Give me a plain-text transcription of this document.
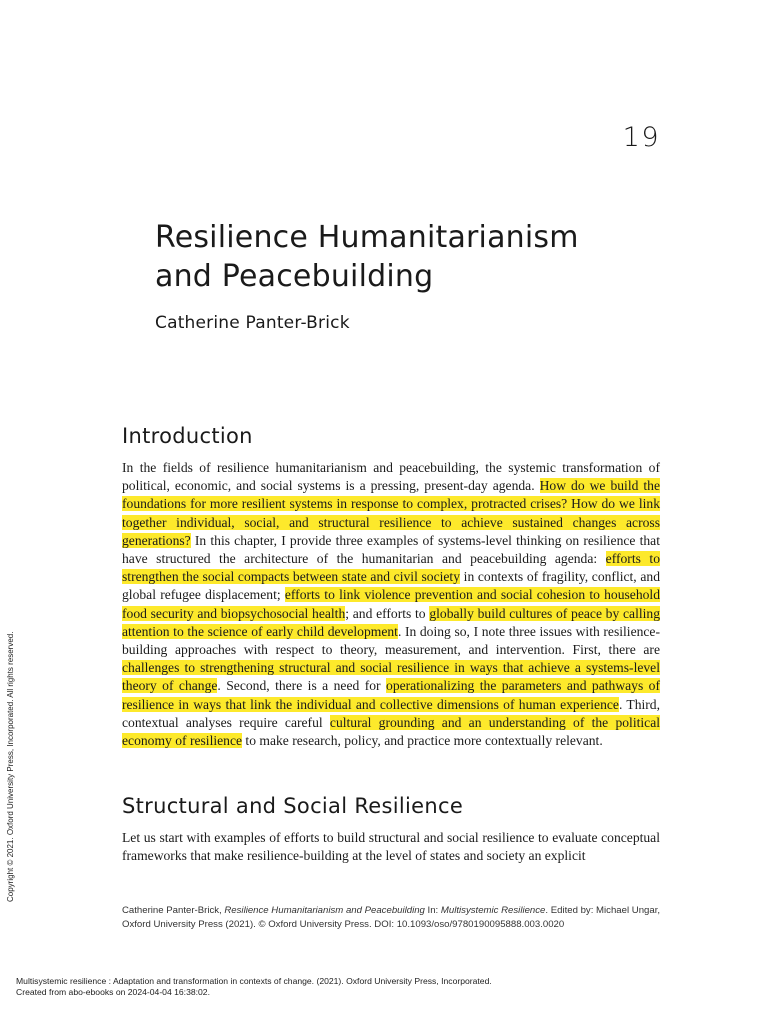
19
Resilience Humanitarianism
and Peacebuilding
Catherine Panter-Brick
Introduction

In the fields of resilience humanitarianism and peacebuilding, the systemic transformation of political, economic, and social systems is a pressing, present-day agenda. How do we build the foundations for more resilient systems in response to complex, protracted crises? How do we link together individual, social, and structural resilience to achieve sustained changes across generations? In this chapter, I provide three examples of systems-level thinking on resilience that have structured the architecture of the humanitarian and peacebuilding agenda: efforts to strengthen the social compacts between state and civil society in contexts of fragility, conflict, and global refugee displacement; efforts to link violence prevention and social cohesion to household food security and biopsychosocial health; and efforts to globally build cultures of peace by calling attention to the science of early child development. In doing so, I note three issues with resilience-building approaches with respect to theory, measurement, and intervention. First, there are challenges to strengthening structural and social resilience in ways that achieve a systems-level theory of change. Second, there is a need for operationalizing the parameters and pathways of resilience in ways that link the individual and collective dimensions of human experience. Third, contextual analyses require careful cultural grounding and an understanding of the political economy of resilience to make research, policy, and practice more contextually relevant.

Structural and Social Resilience

Let us start with examples of efforts to build structural and social resilience to evaluate conceptual frameworks that make resilience-building at the level of states and society an explicit

Catherine Panter-Brick, Resilience Humanitarianism and Peacebuilding In: Multisystemic Resilience. Edited by: Michael Ungar, Oxford University Press (2021). © Oxford University Press. DOI: 10.1093/oso/9780190095888.003.0020

Copyright © 2021. Oxford University Press, Incorporated. All rights reserved.
Multisystemic resilience : Adaptation and transformation in contexts of change. (2021). Oxford University Press, Incorporated.
Created from abo-ebooks on 2024-04-04 16:38:02.
